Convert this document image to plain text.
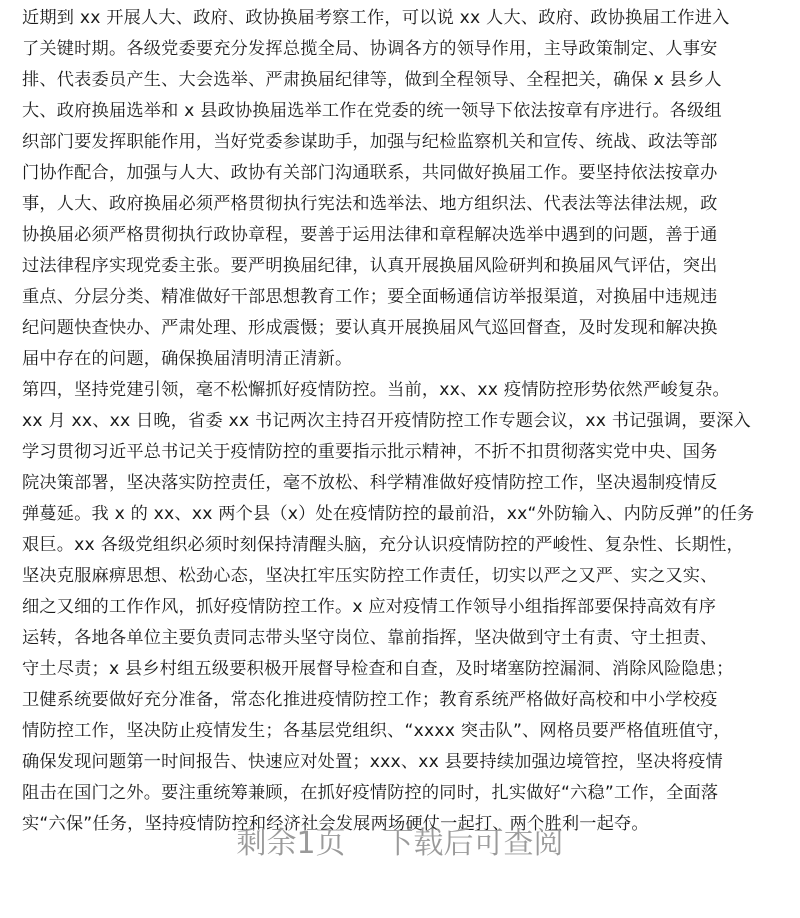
近期到 xx 开展人大、政府、政协换届考察工作，可以说 xx 人大、政府、政协换届工作进入
了关键时期。各级党委要充分发挥总揽全局、协调各方的领导作用，主导政策制定、人事安
排、代表委员产生、大会选举、严肃换届纪律等，做到全程领导、全程把关，确保 x 县乡人
大、政府换届选举和 x 县政协换届选举工作在党委的统一领导下依法按章有序进行。各级组
织部门要发挥职能作用，当好党委参谋助手，加强与纪检监察机关和宣传、统战、政法等部
门协作配合，加强与人大、政协有关部门沟通联系，共同做好换届工作。要坚持依法按章办
事，人大、政府换届必须严格贯彻执行宪法和选举法、地方组织法、代表法等法律法规，政
协换届必须严格贯彻执行政协章程，要善于运用法律和章程解决选举中遇到的问题，善于通
过法律程序实现党委主张。要严明换届纪律，认真开展换届风险研判和换届风气评估，突出
重点、分层分类、精准做好干部思想教育工作；要全面畅通信访举报渠道，对换届中违规违
纪问题快查快办、严肃处理、形成震慑；要认真开展换届风气巡回督查，及时发现和解决换
届中存在的问题，确保换届清明清正清新。
第四，坚持党建引领，毫不松懈抓好疫情防控。当前，xx、xx 疫情防控形势依然严峻复杂。
xx 月 xx、xx 日晚，省委 xx 书记两次主持召开疫情防控工作专题会议，xx 书记强调，要深入
学习贯彻习近平总书记关于疫情防控的重要指示批示精神，不折不扣贯彻落实党中央、国务
院决策部署，坚决落实防控责任，毫不放松、科学精准做好疫情防控工作，坚决遏制疫情反
弹蔓延。我 x 的 xx、xx 两个县（x）处在疫情防控的最前沿，xx“外防输入、内防反弹”的任务
艰巨。xx 各级党组织必须时刻保持清醒头脑，充分认识疫情防控的严峻性、复杂性、长期性，
坚决克服麻痹思想、松劲心态，坚决扛牢压实防控工作责任，切实以严之又严、实之又实、
细之又细的工作作风，抓好疫情防控工作。x 应对疫情工作领导小组指挥部要保持高效有序
运转，各地各单位主要负责同志带头坚守岗位、靠前指挥，坚决做到守土有责、守土担责、
守土尽责；x 县乡村组五级要积极开展督导检查和自查，及时堵塞防控漏洞、消除风险隐患；
卫健系统要做好充分准备，常态化推进疫情防控工作；教育系统严格做好高校和中小学校疫
情防控工作，坚决防止疫情发生；各基层党组织、“xxxx 突击队”、网格员要严格值班值守，
确保发现问题第一时间报告、快速应对处置；xxx、xx 县要持续加强边境管控，坚决将疫情
阻击在国门之外。要注重统筹兼顾，在抓好疫情防控的同时，扎实做好“六稳”工作，全面落
实“六保”任务，坚持疫情防控和经济社会发展两场硬仗一起打、两个胜利一起夺。
剩余1页 下载后可查阅
